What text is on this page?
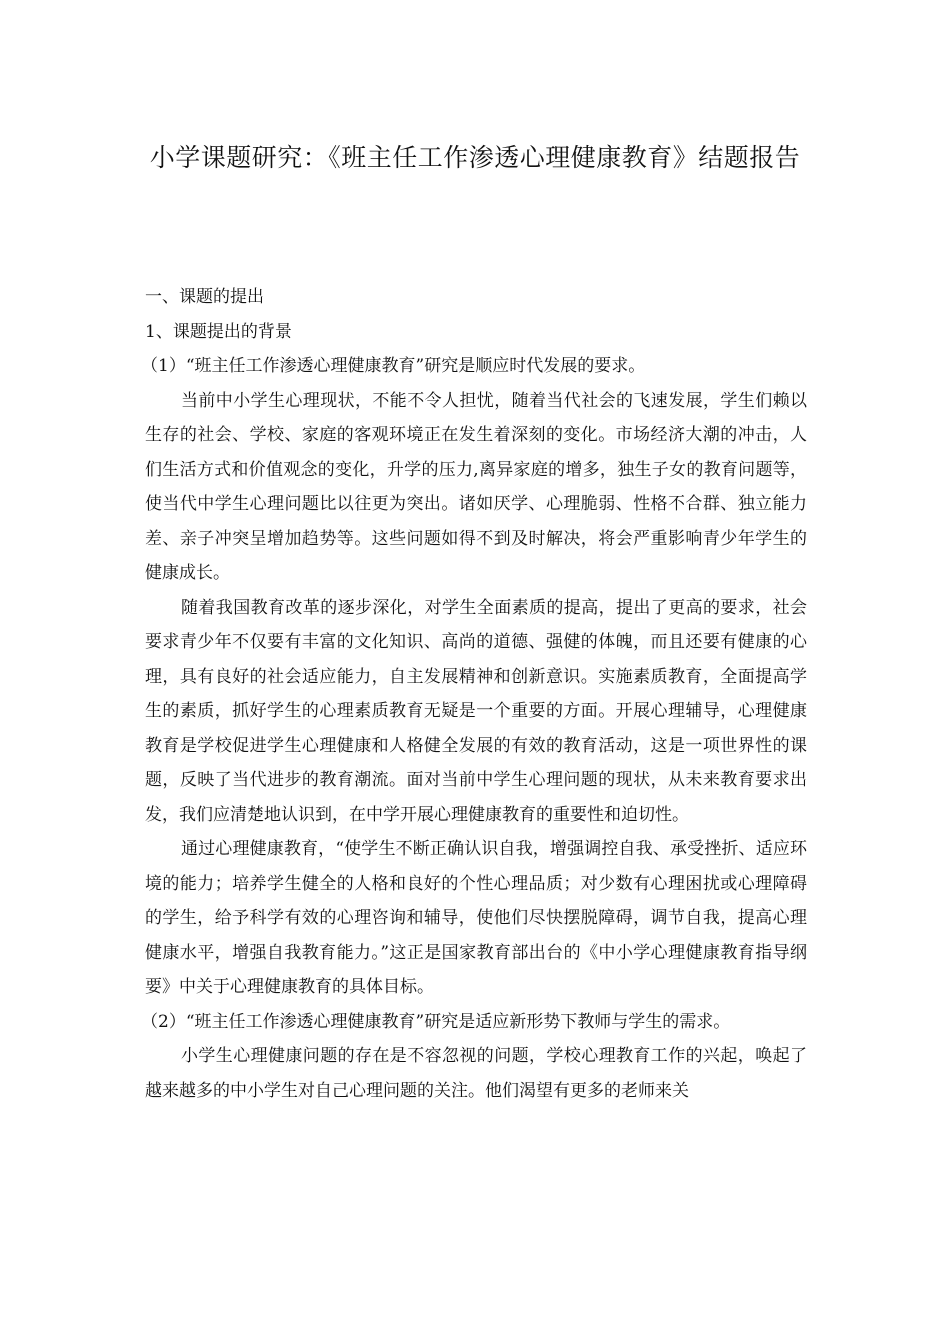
小学课题研究：《班主任工作渗透心理健康教育》结题报告

一、课题的提出

1、课题提出的背景

（1）“班主任工作渗透心理健康教育”研究是顺应时代发展的要求。

当前中小学生心理现状，不能不令人担忧，随着当代社会的飞速发展，学生们赖以生存的社会、学校、家庭的客观环境正在发生着深刻的变化。市场经济大潮的冲击，人们生活方式和价值观念的变化，升学的压力,离异家庭的增多，独生子女的教育问题等，使当代中学生心理问题比以往更为突出。诸如厌学、心理脆弱、性格不合群、独立能力差、亲子冲突呈增加趋势等。这些问题如得不到及时解决，将会严重影响青少年学生的健康成长。

随着我国教育改革的逐步深化，对学生全面素质的提高，提出了更高的要求，社会要求青少年不仅要有丰富的文化知识、高尚的道德、强健的体魄，而且还要有健康的心理，具有良好的社会适应能力，自主发展精神和创新意识。实施素质教育，全面提高学生的素质，抓好学生的心理素质教育无疑是一个重要的方面。开展心理辅导，心理健康教育是学校促进学生心理健康和人格健全发展的有效的教育活动，这是一项世界性的课题，反映了当代进步的教育潮流。面对当前中学生心理问题的现状，从未来教育要求出发，我们应清楚地认识到，在中学开展心理健康教育的重要性和迫切性。

通过心理健康教育，“使学生不断正确认识自我，增强调控自我、承受挫折、适应环境的能力；培养学生健全的人格和良好的个性心理品质；对少数有心理困扰或心理障碍的学生，给予科学有效的心理咨询和辅导，使他们尽快摆脱障碍，调节自我，提高心理健康水平，增强自我教育能力。”这正是国家教育部出台的《中小学心理健康教育指导纲要》中关于心理健康教育的具体目标。

（2）“班主任工作渗透心理健康教育”研究是适应新形势下教师与学生的需求。

小学生心理健康问题的存在是不容忽视的问题，学校心理教育工作的兴起，唤起了越来越多的中小学生对自己心理问题的关注。他们渴望有更多的老师来关
